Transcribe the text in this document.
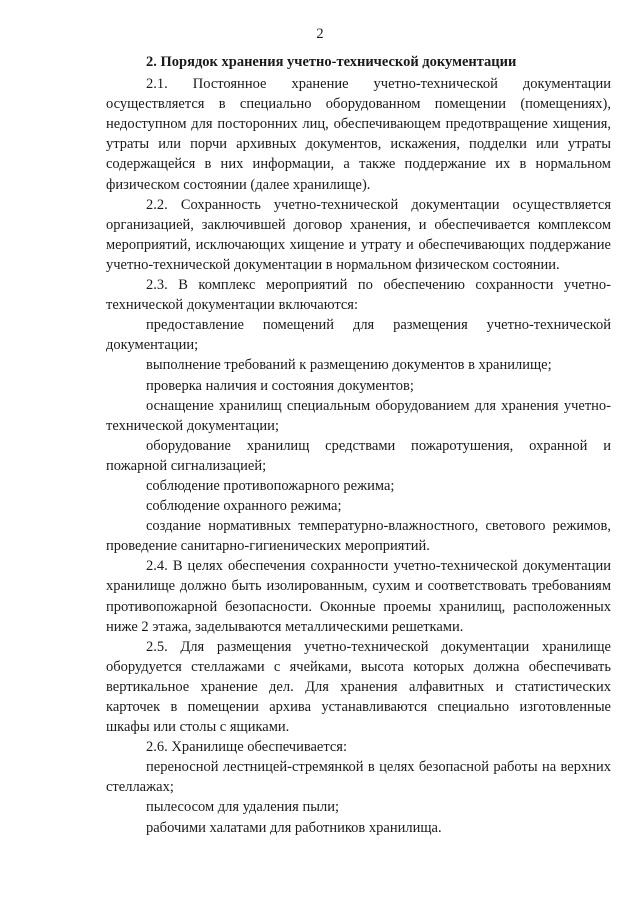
2

2. Порядок хранения учетно-технической документации

2.1. Постоянное хранение учетно-технической документации осуществляется в специально оборудованном помещении (помещениях), недоступном для посторонних лиц, обеспечивающем предотвращение хищения, утраты или порчи архивных документов, искажения, подделки или утраты содержащейся в них информации, а также поддержание их в нормальном физическом состоянии (далее хранилище).

2.2. Сохранность учетно-технической документации осуществляется организацией, заключившей договор хранения, и обеспечивается комплексом мероприятий, исключающих хищение и утрату и обеспечивающих поддержание учетно-технической документации в нормальном физическом состоянии.

2.3. В комплекс мероприятий по обеспечению сохранности учетно-технической документации включаются:

предоставление помещений для размещения учетно-технической документации;

выполнение требований к размещению документов в хранилище;

проверка наличия и состояния документов;

оснащение хранилищ специальным оборудованием для хранения учетно-технической документации;

оборудование хранилищ средствами пожаротушения, охранной и пожарной сигнализацией;

соблюдение противопожарного режима;

соблюдение охранного режима;

создание нормативных температурно-влажностного, светового режимов, проведение санитарно-гигиенических мероприятий.

2.4. В целях обеспечения сохранности учетно-технической документации хранилище должно быть изолированным, сухим и соответствовать требованиям противопожарной безопасности. Оконные проемы хранилищ, расположенных ниже 2 этажа, заделываются металлическими решетками.

2.5. Для размещения учетно-технической документации хранилище оборудуется стеллажами с ячейками, высота которых должна обеспечивать вертикальное хранение дел. Для хранения алфавитных и статистических карточек в помещении архива устанавливаются специально изготовленные шкафы или столы с ящиками.

2.6. Хранилище обеспечивается:

переносной лестницей-стремянкой в целях безопасной работы на верхних стеллажах;

пылесосом для удаления пыли;

рабочими халатами для работников хранилища.
